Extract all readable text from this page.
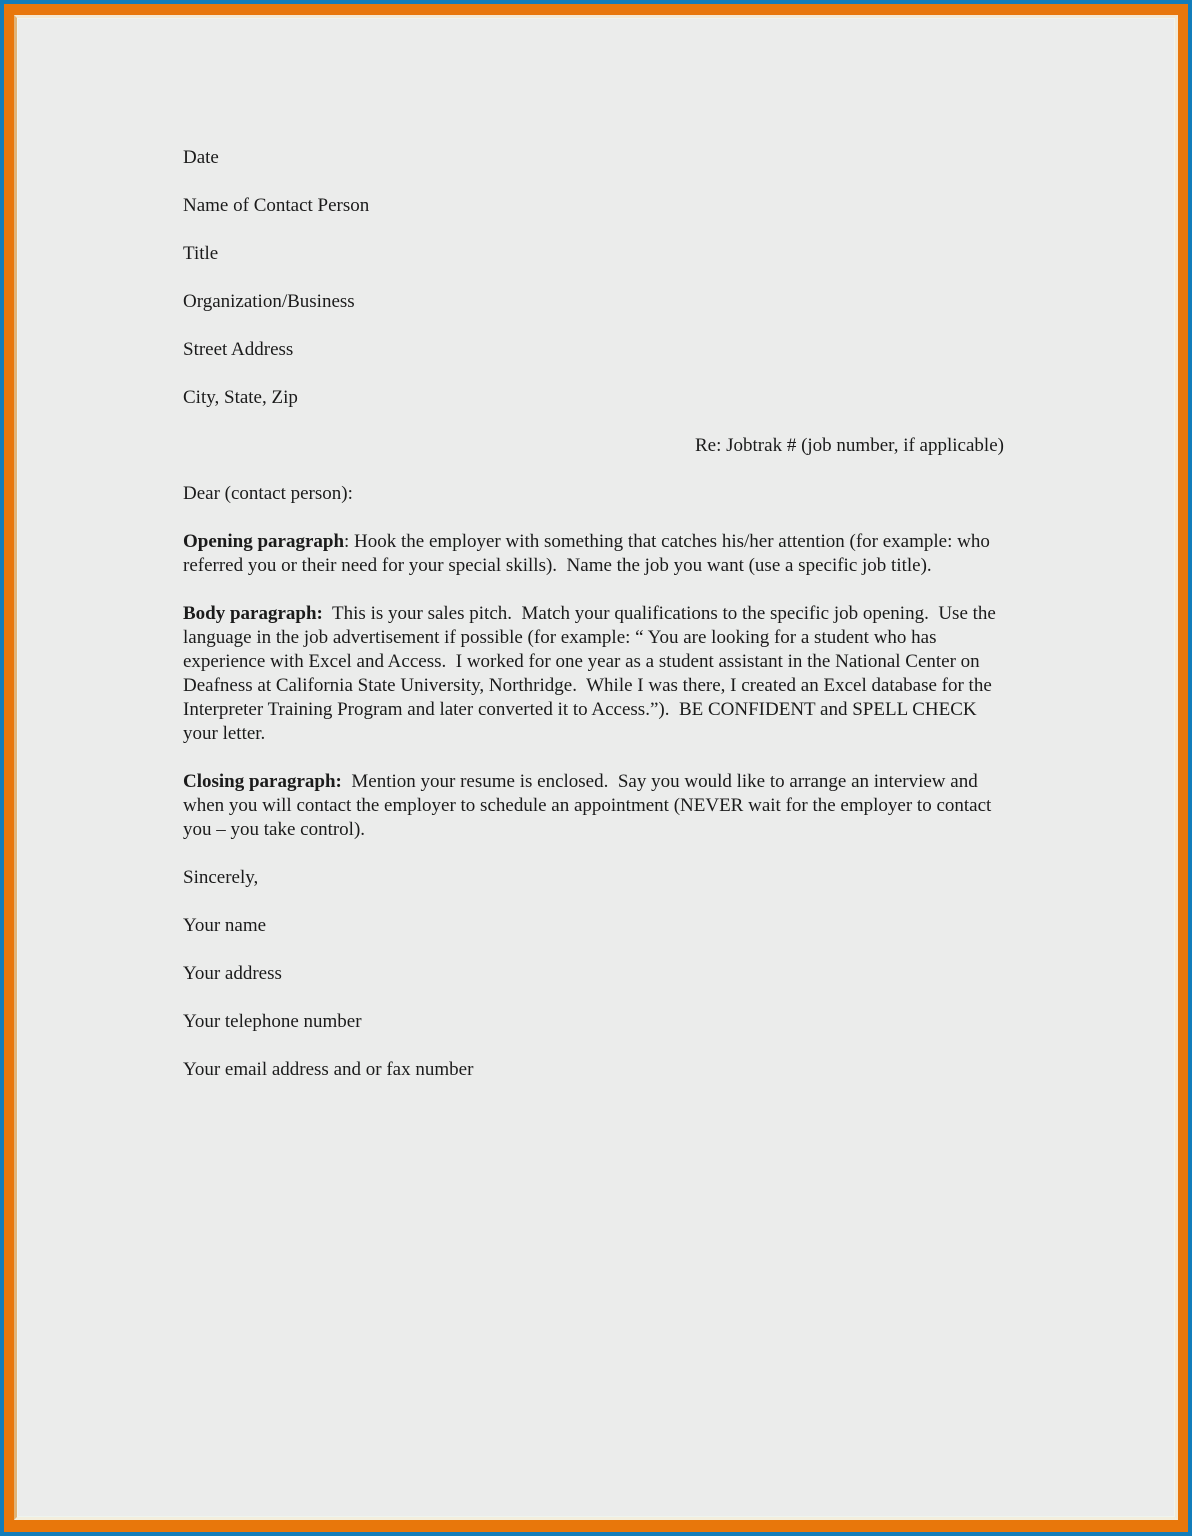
Date

Name of Contact Person

Title

Organization/Business

Street Address

City, State, Zip

Re: Jobtrak # (job number, if applicable)

Dear (contact person):

Opening paragraph: Hook the employer with something that catches his/her attention (for example: who referred you or their need for your special skills).  Name the job you want (use a specific job title).

Body paragraph:  This is your sales pitch.  Match your qualifications to the specific job opening.  Use the language in the job advertisement if possible (for example: “ You are looking for a student who has experience with Excel and Access.  I worked for one year as a student assistant in the National Center on Deafness at California State University, Northridge.  While I was there, I created an Excel database for the Interpreter Training Program and later converted it to Access.”).  BE CONFIDENT and SPELL CHECK your letter.

Closing paragraph:  Mention your resume is enclosed.  Say you would like to arrange an interview and when you will contact the employer to schedule an appointment (NEVER wait for the employer to contact you – you take control).

Sincerely,

Your name

Your address

Your telephone number

Your email address and or fax number
